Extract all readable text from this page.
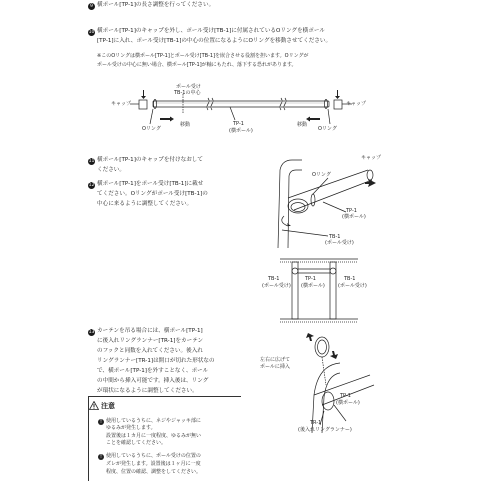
9 横ポール[TP-1]の長さ調整を行ってください。
10 横ポール[TP-1]のキャップを外し、ポール受け[TB-1]に付属されているOリングを横ポール
[TP-1]に入れ、ポール受け[TB-1]の中心の位置になるようにOリングを移動させてください。
※このOリングは横ポール[TP-1]とポール受け[TB-1]を嵌合させる役割を担います。Oリングが
ポール受けの中心に無い場合、横ポール[TP-1]が軸にもたれ、落下する恐れがあります。
キャップ	キャップ
ポール受け
TB-1の中心
移動	移動
Oリング	Oリング
TP-1
(横ポール)
11 横ポール[TP-1]のキャップを付けなおして
ください。
12 横ポール[TP-1]をポール受け[TB-1]に載せ
てください。Oリングがポール受け[TB-1]の
中心に来るように調整してください。
キャップ
Oリング
TP-1
(横ポール)
TB-1
(ポール受け)
TB-1
(ポール受け)
TP-1
(横ポール)
TB-1
(ポール受け)
13 カーテンを吊る場合には、横ポール[TP-1]
に後入れリングランナー[TR-1]をカーテン
のフックと同数を入れてください。後入れ
リングランナー[TR-1]は開口が切れた形状なの
で、横ポール[TP-1]を外すことなく、ポール
の中間から挿入可能です。挿入後は、リング
が環状になるように調整してください。
左右に広げて
ポールに挿入
TP-1
(横ポール)
TR-1
(後入れリングランナー)
注意
! 使用しているうちに、ネジやジャッキ部に
ゆるみが発生します。
設置後は１カ月に一度程度、ゆるみが無い
ことを確認してください。
! 使用しているうちに、ポール受けの位置の
ズレが発生します。設置後は１ヶ月に一度
程度、位置の確認、調整をしてください。
